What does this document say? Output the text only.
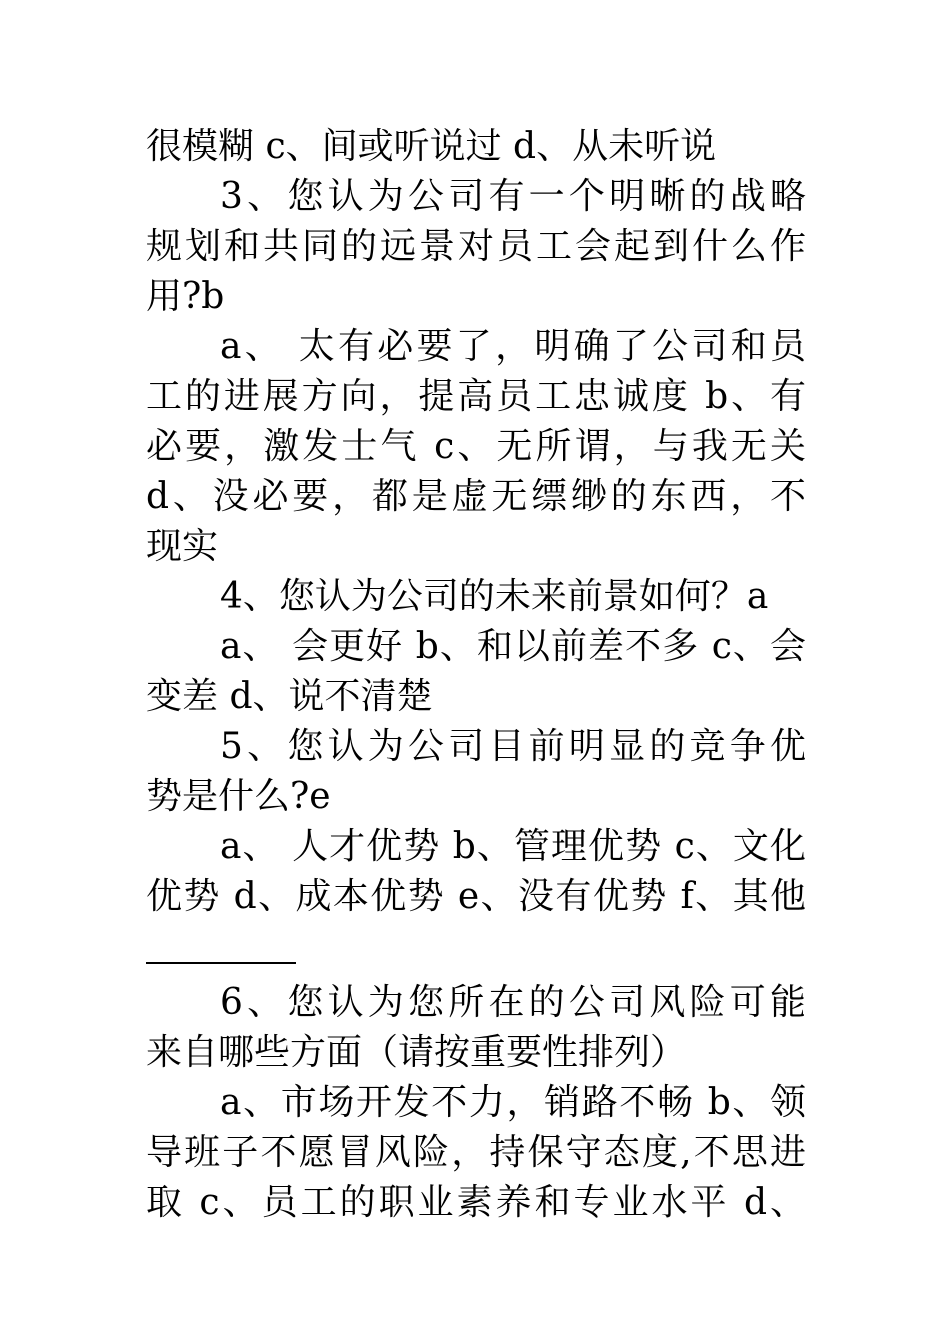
很模糊 c、间或听说过 d、从未听说
3、您认为公司有一个明晰的战略
规划和共同的远景对员工会起到什么作
用?b
a、 太有必要了，明确了公司和员
工的进展方向，提高员工忠诚度 b、有
必要，激发士气 c、无所谓，与我无关
d、没必要，都是虚无缥缈的东西，不
现实
4、您认为公司的未来前景如何？a
a、 会更好 b、和以前差不多 c、会
变差 d、说不清楚
5、您认为公司目前明显的竞争优
势是什么?e
a、 人才优势 b、管理优势 c、文化
优势 d、成本优势 e、没有优势 f、其他
6、您认为您所在的公司风险可能
来自哪些方面（请按重要性排列）
a、市场开发不力，销路不畅 b、领
导班子不愿冒风险，持保守态度,不思进
取 c、员工的职业素养和专业水平 d、
